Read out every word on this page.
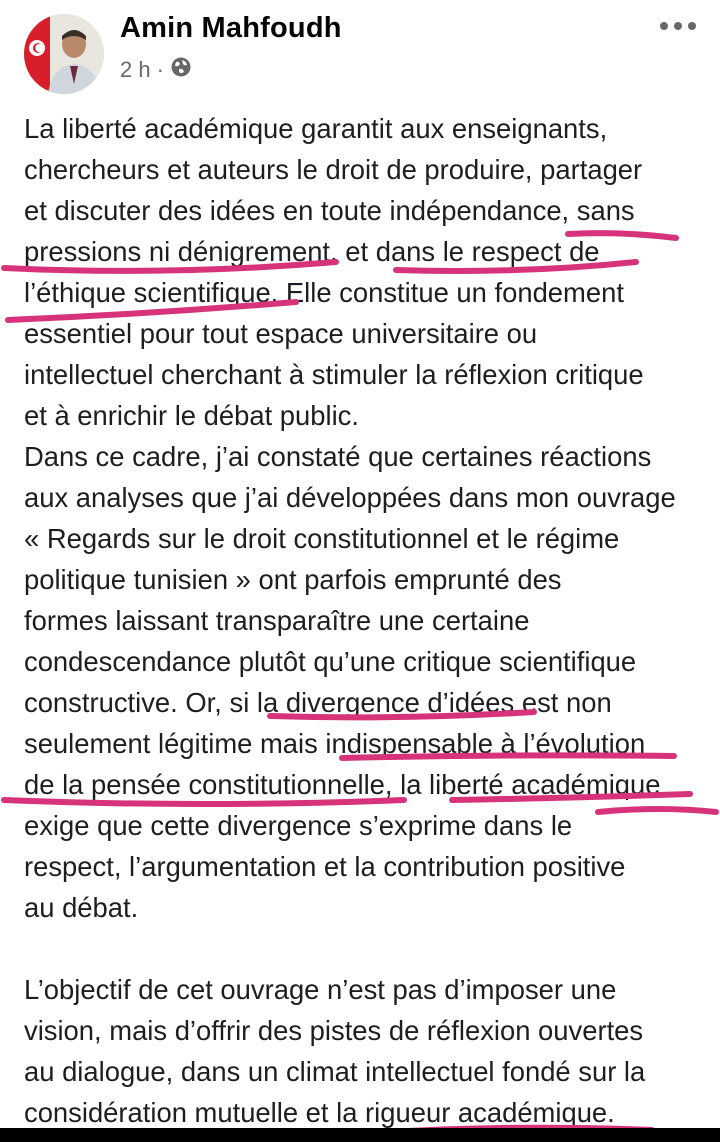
Amin Mahfoudh
2 h ·

La liberté académique garantit aux enseignants,

chercheurs et auteurs le droit de produire, partager

et discuter des idées en toute indépendance, sans

pressions ni dénigrement, et dans le respect de

l’éthique scientifique. Elle constitue un fondement

essentiel pour tout espace universitaire ou

intellectuel cherchant à stimuler la réflexion critique

et à enrichir le débat public.

Dans ce cadre, j’ai constaté que certaines réactions

aux analyses que j’ai développées dans mon ouvrage

« Regards sur le droit constitutionnel et le régime

politique tunisien » ont parfois emprunté des

formes laissant transparaître une certaine

condescendance plutôt qu’une critique scientifique

constructive. Or, si la divergence d’idées est non

seulement légitime mais indispensable à l’évolution

de la pensée constitutionnelle, la liberté académique

exige que cette divergence s’exprime dans le

respect, l’argumentation et la contribution positive

au débat.

L’objectif de cet ouvrage n’est pas d’imposer une

vision, mais d’offrir des pistes de réflexion ouvertes

au dialogue, dans un climat intellectuel fondé sur la

considération mutuelle et la rigueur académique.
